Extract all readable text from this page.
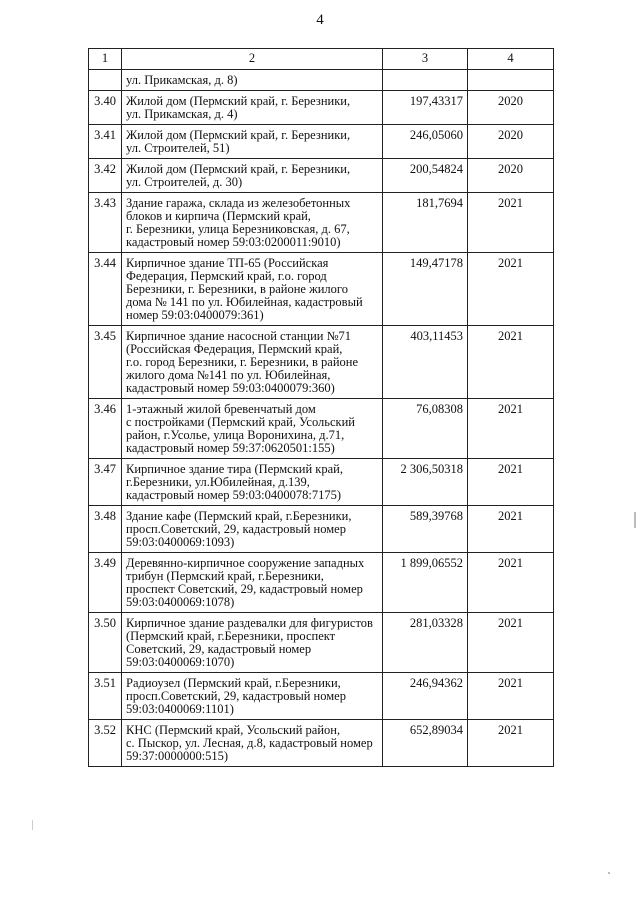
4
1	2	3	4
	ул. Прикамская, д. 8)		
3.40	Жилой дом (Пермский край, г. Березники,
ул. Прикамская, д. 4)	197,43317	2020
3.41	Жилой дом (Пермский край, г. Березники,
ул. Строителей, 51)	246,05060	2020
3.42	Жилой дом (Пермский край, г. Березники,
ул. Строителей, д. 30)	200,54824	2020
3.43	Здание гаража, склада из железобетонных
блоков и кирпича (Пермский край,
г. Березники, улица Березниковская, д. 67,
кадастровый номер 59:03:0200011:9010)	181,7694	2021
3.44	Кирпичное здание ТП-65 (Российская
Федерация, Пермский край, г.о. город
Березники, г. Березники, в районе жилого
дома № 141 по ул. Юбилейная, кадастровый
номер 59:03:0400079:361)	149,47178	2021
3.45	Кирпичное здание насосной станции №71
(Российская Федерация, Пермский край,
г.о. город Березники, г. Березники, в районе
жилого дома №141 по ул. Юбилейная,
кадастровый номер 59:03:0400079:360)	403,11453	2021
3.46	1-этажный жилой бревенчатый дом
с постройками (Пермский край, Усольский
район, г.Усолье, улица Воронихина, д.71,
кадастровый номер 59:37:0620501:155)	76,08308	2021
3.47	Кирпичное здание тира (Пермский край,
г.Березники, ул.Юбилейная, д.139,
кадастровый номер 59:03:0400078:7175)	2 306,50318	2021
3.48	Здание кафе (Пермский край, г.Березники,
просп.Советский, 29, кадастровый номер
59:03:0400069:1093)	589,39768	2021
3.49	Деревянно-кирпичное сооружение западных
трибун (Пермский край, г.Березники,
проспект Советский, 29, кадастровый номер
59:03:0400069:1078)	1 899,06552	2021
3.50	Кирпичное здание раздевалки для фигуристов
(Пермский край, г.Березники, проспект
Советский, 29, кадастровый номер
59:03:0400069:1070)	281,03328	2021
3.51	Радиоузел (Пермский край, г.Березники,
просп.Советский, 29, кадастровый номер
59:03:0400069:1101)	246,94362	2021
3.52	КНС (Пермский край, Усольский район,
с. Пыскор, ул. Лесная, д.8, кадастровый номер
59:37:0000000:515)	652,89034	2021
